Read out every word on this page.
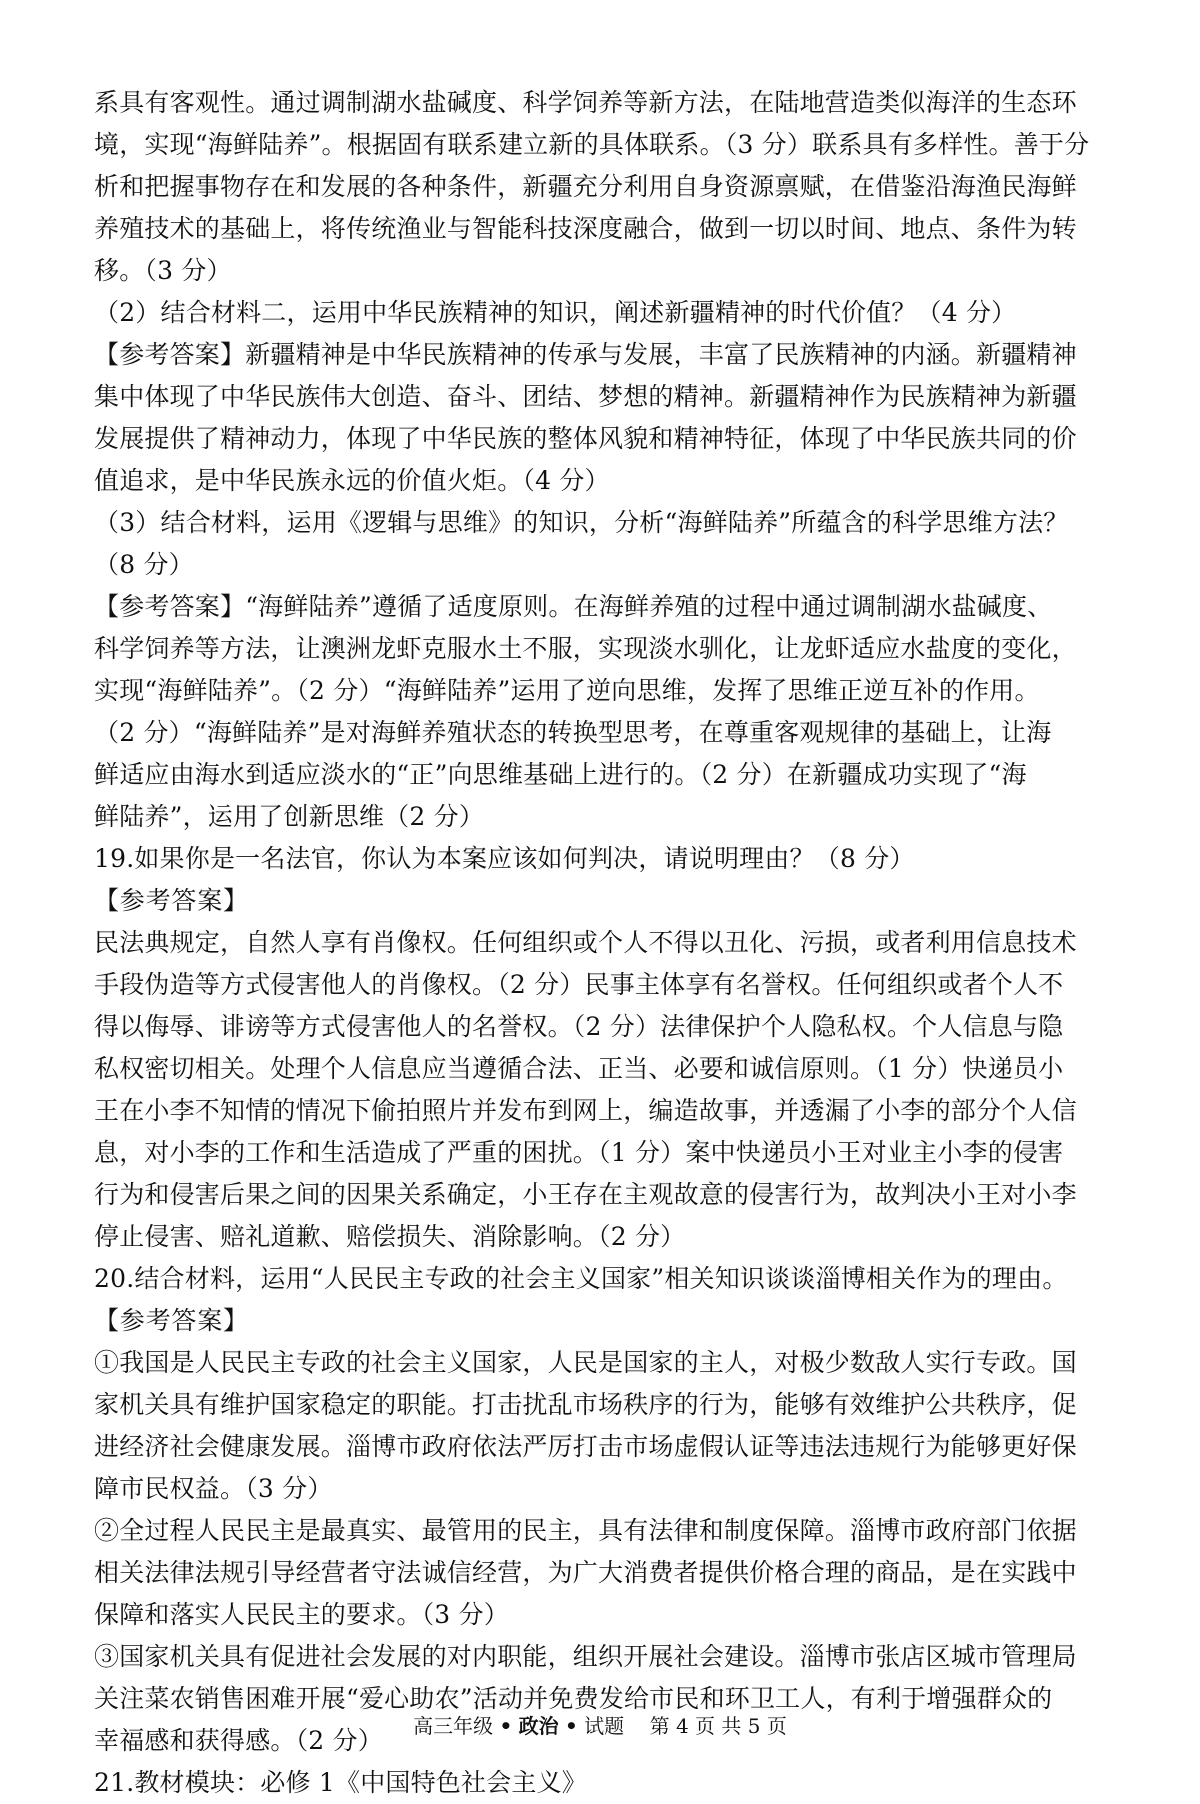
系具有客观性。通过调制湖水盐碱度、科学饲养等新方法，在陆地营造类似海洋的生态环
境，实现“海鲜陆养”。根据固有联系建立新的具体联系。（3 分）联系具有多样性。善于分
析和把握事物存在和发展的各种条件，新疆充分利用自身资源禀赋，在借鉴沿海渔民海鲜
养殖技术的基础上，将传统渔业与智能科技深度融合，做到一切以时间、地点、条件为转
移。（3 分）
（2）结合材料二，运用中华民族精神的知识，阐述新疆精神的时代价值？（4 分）
【参考答案】新疆精神是中华民族精神的传承与发展，丰富了民族精神的内涵。新疆精神
集中体现了中华民族伟大创造、奋斗、团结、梦想的精神。新疆精神作为民族精神为新疆
发展提供了精神动力，体现了中华民族的整体风貌和精神特征，体现了中华民族共同的价
值追求，是中华民族永远的价值火炬。（4 分）
（3）结合材料，运用《逻辑与思维》的知识，分析“海鲜陆养”所蕴含的科学思维方法？
（8 分）
【参考答案】“海鲜陆养”遵循了适度原则。在海鲜养殖的过程中通过调制湖水盐碱度、
科学饲养等方法，让澳洲龙虾克服水土不服，实现淡水驯化，让龙虾适应水盐度的变化，
实现“海鲜陆养”。（2 分）“海鲜陆养”运用了逆向思维，发挥了思维正逆互补的作用。
（2 分）“海鲜陆养”是对海鲜养殖状态的转换型思考，在尊重客观规律的基础上，让海
鲜适应由海水到适应淡水的“正”向思维基础上进行的。（2 分）在新疆成功实现了“海
鲜陆养”，运用了创新思维（2 分）
19.如果你是一名法官，你认为本案应该如何判决，请说明理由？（8 分）
【参考答案】
民法典规定，自然人享有肖像权。任何组织或个人不得以丑化、污损，或者利用信息技术
手段伪造等方式侵害他人的肖像权。（2 分）民事主体享有名誉权。任何组织或者个人不
得以侮辱、诽谤等方式侵害他人的名誉权。（2 分）法律保护个人隐私权。个人信息与隐
私权密切相关。处理个人信息应当遵循合法、正当、必要和诚信原则。（1 分）快递员小
王在小李不知情的情况下偷拍照片并发布到网上，编造故事，并透漏了小李的部分个人信
息，对小李的工作和生活造成了严重的困扰。（1 分）案中快递员小王对业主小李的侵害
行为和侵害后果之间的因果关系确定，小王存在主观故意的侵害行为，故判决小王对小李
停止侵害、赔礼道歉、赔偿损失、消除影响。（2 分）
20.结合材料，运用“人民民主专政的社会主义国家”相关知识谈谈淄博相关作为的理由。
【参考答案】
①我国是人民民主专政的社会主义国家，人民是国家的主人，对极少数敌人实行专政。国
家机关具有维护国家稳定的职能。打击扰乱市场秩序的行为，能够有效维护公共秩序，促
进经济社会健康发展。淄博市政府依法严厉打击市场虚假认证等违法违规行为能够更好保
障市民权益。（3 分）
②全过程人民民主是最真实、最管用的民主，具有法律和制度保障。淄博市政府部门依据
相关法律法规引导经营者守法诚信经营，为广大消费者提供价格合理的商品，是在实践中
保障和落实人民民主的要求。（3 分）
③国家机关具有促进社会发展的对内职能，组织开展社会建设。淄博市张店区城市管理局
关注菜农销售困难开展“爱心助农”活动并免费发给市民和环卫工人，有利于增强群众的
幸福感和获得感。（2 分）
21.教材模块：必修 1《中国特色社会主义》
高三年级 • 政治 • 试题 第 4 页 共 5 页
